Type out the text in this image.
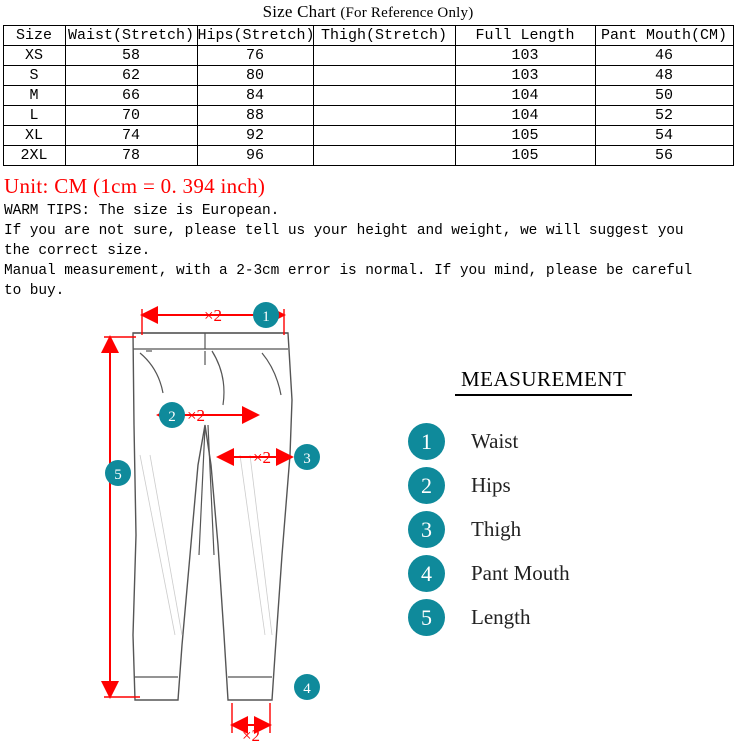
Size Chart (For Reference Only)
Size	Waist(Stretch)	Hips(Stretch)	Thigh(Stretch)	Full Length	Pant Mouth(CM)
XS	58	76		103	46
S	62	80		103	48
M	66	84		104	50
L	70	88		104	52
XL	74	92		105	54
2XL	78	96		105	56
Unit: CM (1cm = 0. 394 inch)
WARM TIPS: The size is European.
If you are not sure, please tell us your height and weight, we will suggest you
the correct size.
Manual measurement, with a 2-3cm error is normal. If you mind, please be careful
to buy.
1
2
3
4
5
×2
×2
×2
×2
MEASUREMENT
1	Waist
2	Hips
3	Thigh
4	Pant Mouth
5	Length
